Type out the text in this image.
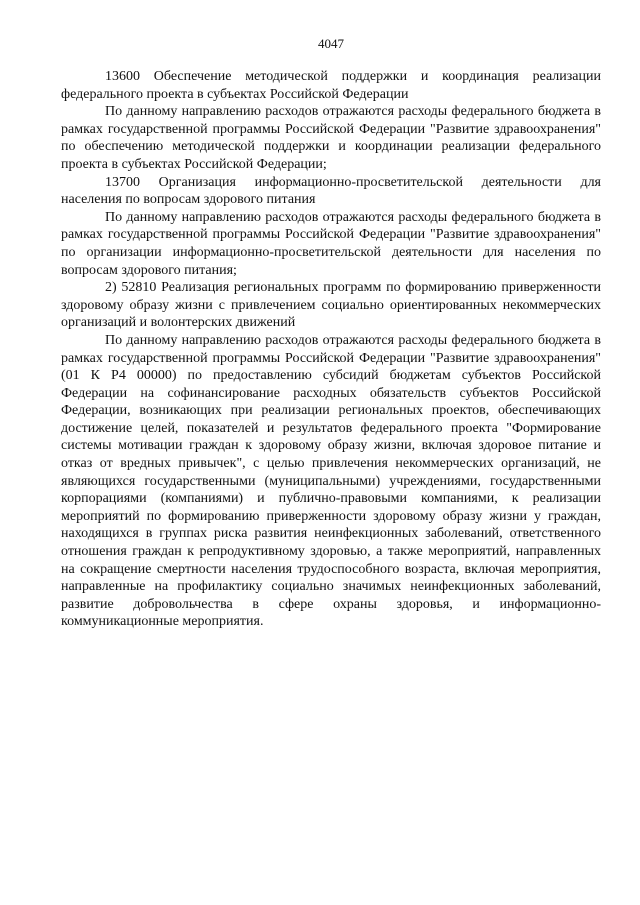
4047

13600 Обеспечение методической поддержки и координация реализации федерального проекта в субъектах Российской Федерации

По данному направлению расходов отражаются расходы федерального бюджета в рамках государственной программы Российской Федерации "Развитие здравоохранения" по обеспечению методической поддержки и координации реализации федерального проекта в субъектах Российской Федерации;

13700 Организация информационно-просветительской деятельности для населения по вопросам здорового питания

По данному направлению расходов отражаются расходы федерального бюджета в рамках государственной программы Российской Федерации "Развитие здравоохранения" по организации информационно-просветительской деятельности для населения по вопросам здорового питания;

2) 52810 Реализация региональных программ по формированию приверженности здоровому образу жизни с привлечением социально ориентированных некоммерческих организаций и волонтерских движений

По данному направлению расходов отражаются расходы федерального бюджета в рамках государственной программы Российской Федерации "Развитие здравоохранения" (01 К Р4 00000) по предоставлению субсидий бюджетам субъектов Российской Федерации на софинансирование расходных обязательств субъектов Российской Федерации, возникающих при реализации региональных проектов, обеспечивающих достижение целей, показателей и результатов федерального проекта "Формирование системы мотивации граждан к здоровому образу жизни, включая здоровое питание и отказ от вредных привычек", с целью привлечения некоммерческих организаций, не являющихся государственными (муниципальными) учреждениями, государственными корпорациями (компаниями) и публично-правовыми компаниями, к реализации мероприятий по формированию приверженности здоровому образу жизни у граждан, находящихся в группах риска развития неинфекционных заболеваний, ответственного отношения граждан к репродуктивному здоровью, а также мероприятий, направленных на сокращение смертности населения трудоспособного возраста, включая мероприятия, направленные на профилактику социально значимых неинфекционных заболеваний, развитие добровольчества в сфере охраны здоровья, и информационно-коммуникационные мероприятия.
